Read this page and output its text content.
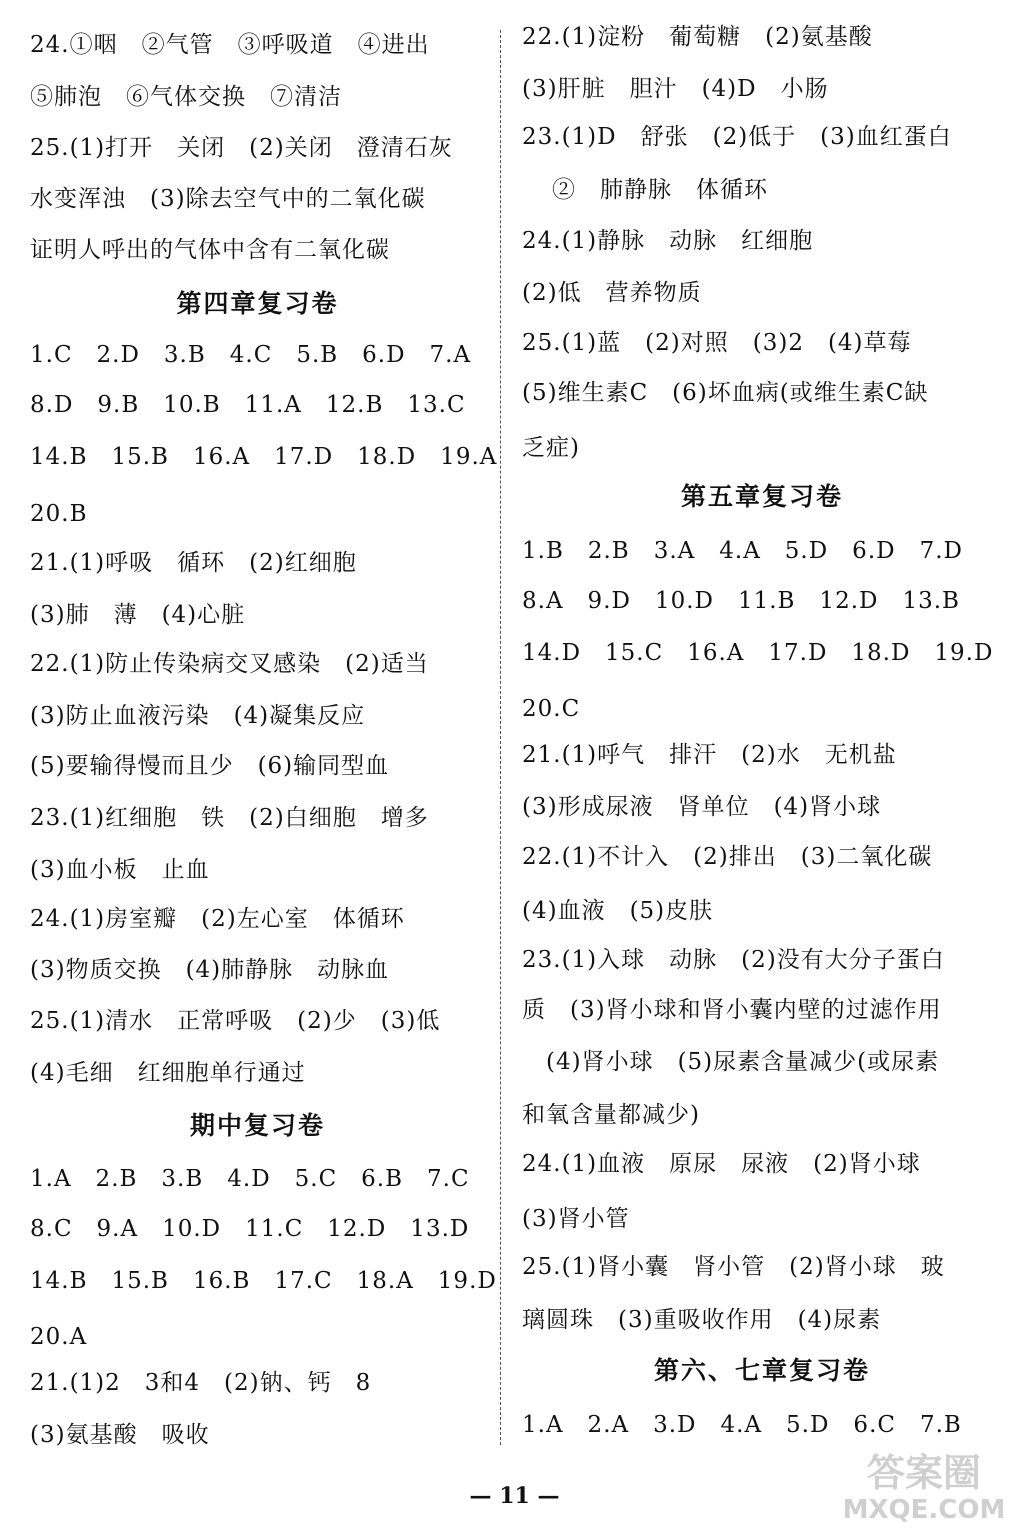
24.①咽　②气管　③呼吸道　④进出
⑤肺泡　⑥气体交换　⑦清洁
25.(1)打开　关闭　(2)关闭　澄清石灰
水变浑浊　(3)除去空气中的二氧化碳
证明人呼出的气体中含有二氧化碳
第四章复习卷
1.C　2.D　3.B　4.C　5.B　6.D　7.A
8.D　9.B　10.B　11.A　12.B　13.C
14.B　15.B　16.A　17.D　18.D　19.A
20.B
21.(1)呼吸　循环　(2)红细胞
(3)肺　薄　(4)心脏
22.(1)防止传染病交叉感染　(2)适当
(3)防止血液污染　(4)凝集反应
(5)要输得慢而且少　(6)输同型血
23.(1)红细胞　铁　(2)白细胞　增多
(3)血小板　止血
24.(1)房室瓣　(2)左心室　体循环
(3)物质交换　(4)肺静脉　动脉血
25.(1)清水　正常呼吸　(2)少　(3)低
(4)毛细　红细胞单行通过
期中复习卷
1.A　2.B　3.B　4.D　5.C　6.B　7.C
8.C　9.A　10.D　11.C　12.D　13.D
14.B　15.B　16.B　17.C　18.A　19.D
20.A
21.(1)2　3和4　(2)钠、钙　8
(3)氨基酸　吸收
22.(1)淀粉　葡萄糖　(2)氨基酸
(3)肝脏　胆汁　(4)D　小肠
23.(1)D　舒张　(2)低于　(3)血红蛋白
②　肺静脉　体循环
24.(1)静脉　动脉　红细胞
(2)低　营养物质
25.(1)蓝　(2)对照　(3)2　(4)草莓
(5)维生素C　(6)坏血病(或维生素C缺
乏症)
第五章复习卷
1.B　2.B　3.A　4.A　5.D　6.D　7.D
8.A　9.D　10.D　11.B　12.D　13.B
14.D　15.C　16.A　17.D　18.D　19.D
20.C
21.(1)呼气　排汗　(2)水　无机盐
(3)形成尿液　肾单位　(4)肾小球
22.(1)不计入　(2)排出　(3)二氧化碳
(4)血液　(5)皮肤
23.(1)入球　动脉　(2)没有大分子蛋白
质　(3)肾小球和肾小囊内壁的过滤作用
(4)肾小球　(5)尿素含量减少(或尿素
和氧含量都减少)
24.(1)血液　原尿　尿液　(2)肾小球
(3)肾小管
25.(1)肾小囊　肾小管　(2)肾小球　玻
璃圆珠　(3)重吸收作用　(4)尿素
第六、七章复习卷
1.A　2.A　3.D　4.A　5.D　6.C　7.B
— 11 —
答案圈
MXQE.COM
